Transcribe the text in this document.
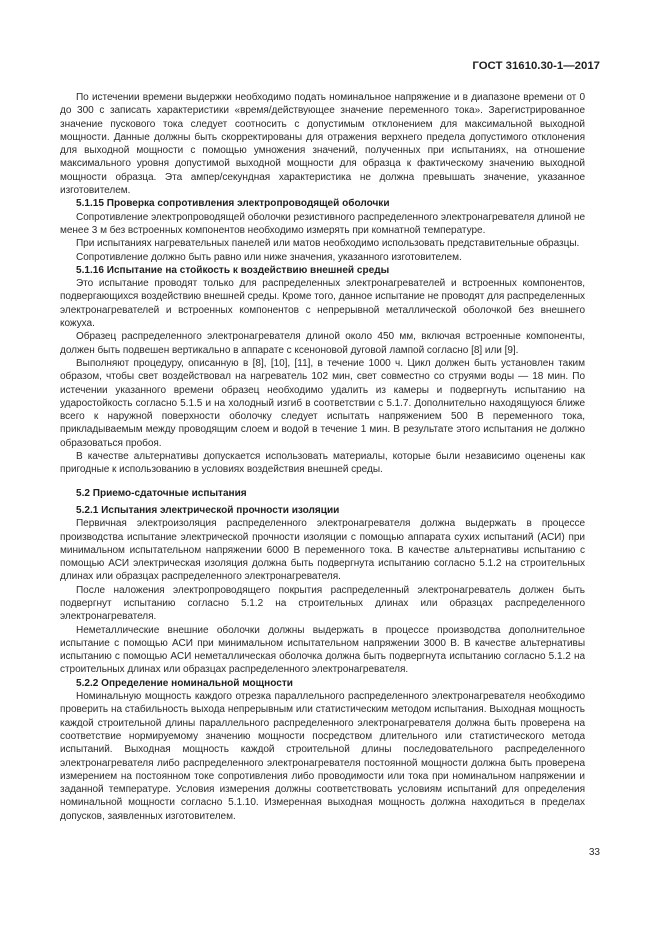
ГОСТ 31610.30-1—2017

По истечении времени выдержки необходимо подать номинальное напряжение и в диапазоне времени от 0 до 300 с записать характеристики «время/действующее значение переменного тока». Зарегистрированное значение пускового тока следует соотносить с допустимым отклонением для максимальной выходной мощности. Данные должны быть скорректированы для отражения верхнего предела допустимого отклонения для выходной мощности с помощью умножения значений, полученных при испытаниях, на отношение максимального уровня допустимой выходной мощности для образца к фактическому значению выходной мощности образца. Эта ампер/секундная характеристика не должна превышать значение, указанное изготовителем.

5.1.15 Проверка сопротивления электропроводящей оболочки

Сопротивление электропроводящей оболочки резистивного распределенного электронагревателя длиной не менее 3 м без встроенных компонентов необходимо измерять при комнатной температуре.

При испытаниях нагревательных панелей или матов необходимо использовать представительные образцы.

Сопротивление должно быть равно или ниже значения, указанного изготовителем.

5.1.16 Испытание на стойкость к воздействию внешней среды

Это испытание проводят только для распределенных электронагревателей и встроенных компонентов, подвергающихся воздействию внешней среды. Кроме того, данное испытание не проводят для распределенных электронагревателей и встроенных компонентов с непрерывной металлической оболочкой без внешнего кожуха.

Образец распределенного электронагревателя длиной около 450 мм, включая встроенные компоненты, должен быть подвешен вертикально в аппарате с ксеноновой дуговой лампой согласно [8] или [9].

Выполняют процедуру, описанную в [8], [10], [11], в течение 1000 ч. Цикл должен быть установлен таким образом, чтобы свет воздействовал на нагреватель 102 мин, свет совместно со струями воды — 18 мин. По истечении указанного времени образец необходимо удалить из камеры и подвергнуть испытанию на ударостойкость согласно 5.1.5 и на холодный изгиб в соответствии с 5.1.7. Дополнительно находящуюся ближе всего к наружной поверхности оболочку следует испытать напряжением 500 В переменного тока, прикладываемым между проводящим слоем и водой в течение 1 мин. В результате этого испытания не должно образоваться пробоя.

В качестве альтернативы допускается использовать материалы, которые были независимо оценены как пригодные к использованию в условиях воздействия внешней среды.

5.2 Приемо-сдаточные испытания
5.2.1 Испытания электрической прочности изоляции

Первичная электроизоляция распределенного электронагревателя должна выдержать в процессе производства испытание электрической прочности изоляции с помощью аппарата сухих испытаний (АСИ) при минимальном испытательном напряжении 6000 В переменного тока. В качестве альтернативы испытанию с помощью АСИ электрическая изоляция должна быть подвергнута испытанию согласно 5.1.2 на строительных длинах или образцах распределенного электронагревателя.

После наложения электропроводящего покрытия распределенный электронагреватель должен быть подвергнут испытанию согласно 5.1.2 на строительных длинах или образцах распределенного электронагревателя.

Неметаллические внешние оболочки должны выдержать в процессе производства дополнительное испытание с помощью АСИ при минимальном испытательном напряжении 3000 В. В качестве альтернативы испытанию с помощью АСИ неметаллическая оболочка должна быть подвергнута испытанию согласно 5.1.2 на строительных длинах или образцах распределенного электронагревателя.

5.2.2 Определение номинальной мощности

Номинальную мощность каждого отрезка параллельного распределенного электронагревателя необходимо проверить на стабильность выхода непрерывным или статистическим методом испытания. Выходная мощность каждой строительной длины параллельного распределенного электронагревателя должна быть проверена на соответствие нормируемому значению мощности посредством длительного или статистического метода испытаний. Выходная мощность каждой строительной длины последовательного распределенного электронагревателя либо распределенного электронагревателя постоянной мощности должна быть проверена измерением на постоянном токе сопротивления либо проводимости или тока при номинальном напряжении и заданной температуре. Условия измерения должны соответствовать условиям испытаний для определения номинальной мощности согласно 5.1.10. Измеренная выходная мощность должна находиться в пределах допусков, заявленных изготовителем.

33
